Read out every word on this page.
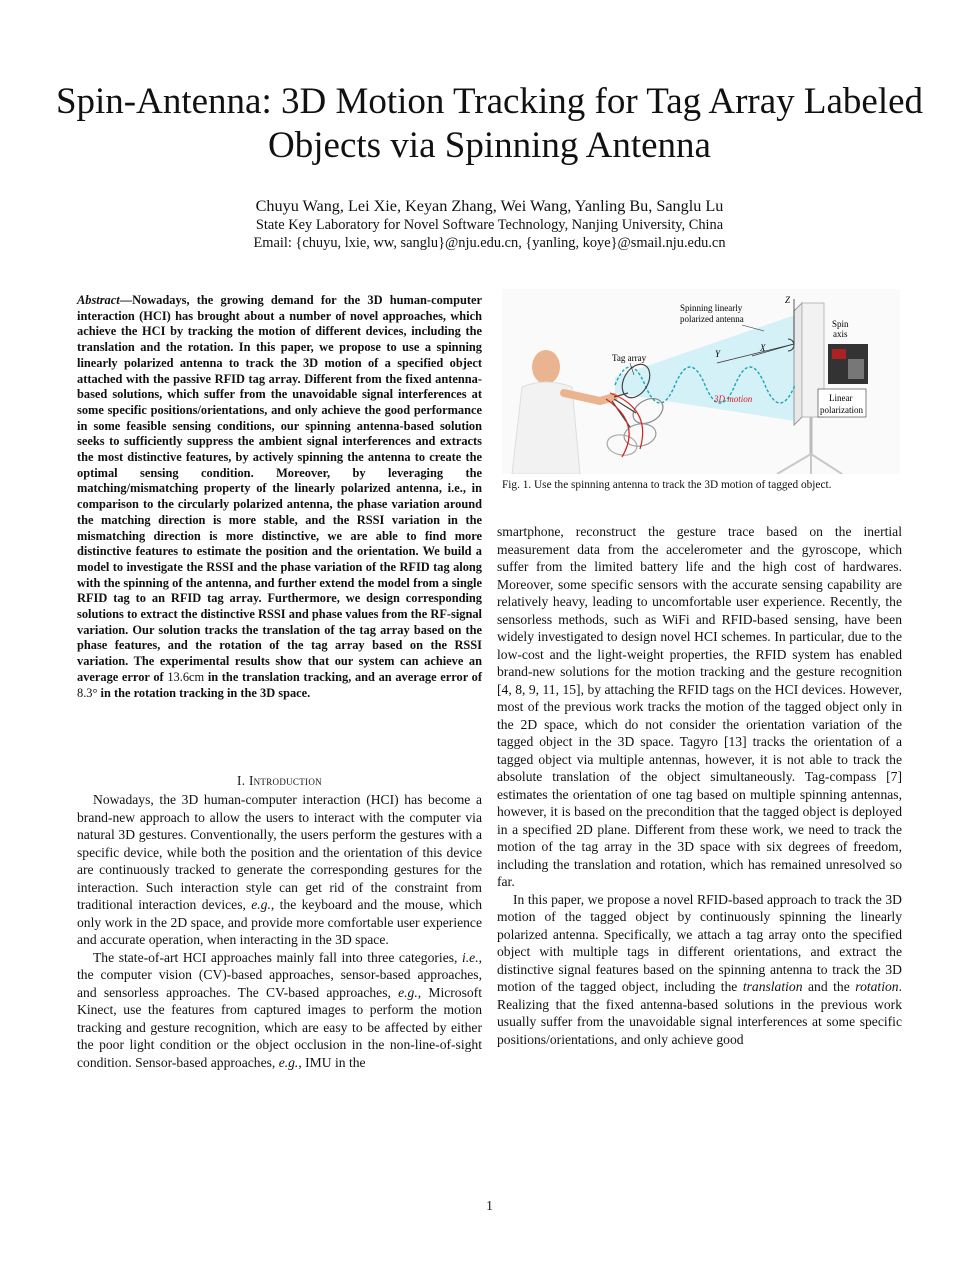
Spin-Antenna: 3D Motion Tracking for Tag Array Labeled Objects via Spinning Antenna
Chuyu Wang, Lei Xie, Keyan Zhang, Wei Wang, Yanling Bu, Sanglu Lu
State Key Laboratory for Novel Software Technology, Nanjing University, China
Email: {chuyu, lxie, ww, sanglu}@nju.edu.cn, {yanling, koye}@smail.nju.edu.cn
Abstract—Nowadays, the growing demand for the 3D human-computer interaction (HCI) has brought about a number of novel approaches, which achieve the HCI by tracking the motion of different devices, including the translation and the rotation. In this paper, we propose to use a spinning linearly polarized antenna to track the 3D motion of a specified object attached with the passive RFID tag array. Different from the fixed antenna-based solutions, which suffer from the unavoidable signal interferences at some specific positions/orientations, and only achieve the good performance in some feasible sensing conditions, our spinning antenna-based solution seeks to sufficiently suppress the ambient signal interferences and extracts the most distinctive features, by actively spinning the antenna to create the optimal sensing condition. Moreover, by leveraging the matching/mismatching property of the linearly polarized antenna, i.e., in comparison to the circularly polarized antenna, the phase variation around the matching direction is more stable, and the RSSI variation in the mismatching direction is more distinctive, we are able to find more distinctive features to estimate the position and the orientation. We build a model to investigate the RSSI and the phase variation of the RFID tag along with the spinning of the antenna, and further extend the model from a single RFID tag to an RFID tag array. Furthermore, we design corresponding solutions to extract the distinctive RSSI and phase values from the RF-signal variation. Our solution tracks the translation of the tag array based on the phase features, and the rotation of the tag array based on the RSSI variation. The experimental results show that our system can achieve an average error of 13.6cm in the translation tracking, and an average error of 8.3° in the rotation tracking in the 3D space.
I. Introduction

Nowadays, the 3D human-computer interaction (HCI) has become a brand-new approach to allow the users to interact with the computer via natural 3D gestures. Conventionally, the users perform the gestures with a specific device, while both the position and the orientation of this device are continuously tracked to generate the corresponding gestures for the interaction. Such interaction style can get rid of the constraint from traditional interaction devices, e.g., the keyboard and the mouse, which only work in the 2D space, and provide more comfortable user experience and accurate operation, when interacting in the 3D space.

The state-of-art HCI approaches mainly fall into three categories, i.e., the computer vision (CV)-based approaches, sensor-based approaches, and sensorless approaches. The CV-based approaches, e.g., Microsoft Kinect, use the features from captured images to perform the motion tracking and gesture recognition, which are easy to be affected by either the poor light condition or the object occlusion in the non-line-of-sight condition. Sensor-based approaches, e.g., IMU in the

Z
Y
X
Spinning linearly
polarized antenna	Spin
axis
Tag array
3D motion	Linear
polarization
Fig. 1. Use the spinning antenna to track the 3D motion of tagged object.

smartphone, reconstruct the gesture trace based on the inertial measurement data from the accelerometer and the gyroscope, which suffer from the limited battery life and the high cost of hardwares. Moreover, some specific sensors with the accurate sensing capability are relatively heavy, leading to uncomfortable user experience. Recently, the sensorless methods, such as WiFi and RFID-based sensing, have been widely investigated to design novel HCI schemes. In particular, due to the low-cost and the light-weight properties, the RFID system has enabled brand-new solutions for the motion tracking and the gesture recognition [4, 8, 9, 11, 15], by attaching the RFID tags on the HCI devices. However, most of the previous work tracks the motion of the tagged object only in the 2D space, which do not consider the orientation variation of the tagged object in the 3D space. Tagyro [13] tracks the orientation of a tagged object via multiple antennas, however, it is not able to track the absolute translation of the object simultaneously. Tag-compass [7] estimates the orientation of one tag based on multiple spinning antennas, however, it is based on the precondition that the tagged object is deployed in a specified 2D plane. Different from these work, we need to track the motion of the tag array in the 3D space with six degrees of freedom, including the translation and rotation, which has remained unresolved so far.

In this paper, we propose a novel RFID-based approach to track the 3D motion of the tagged object by continuously spinning the linearly polarized antenna. Specifically, we attach a tag array onto the specified object with multiple tags in different orientations, and extract the distinctive signal features based on the spinning antenna to track the 3D motion of the tagged object, including the translation and the rotation. Realizing that the fixed antenna-based solutions in the previous work usually suffer from the unavoidable signal interferences at some specific positions/orientations, and only achieve good

1
